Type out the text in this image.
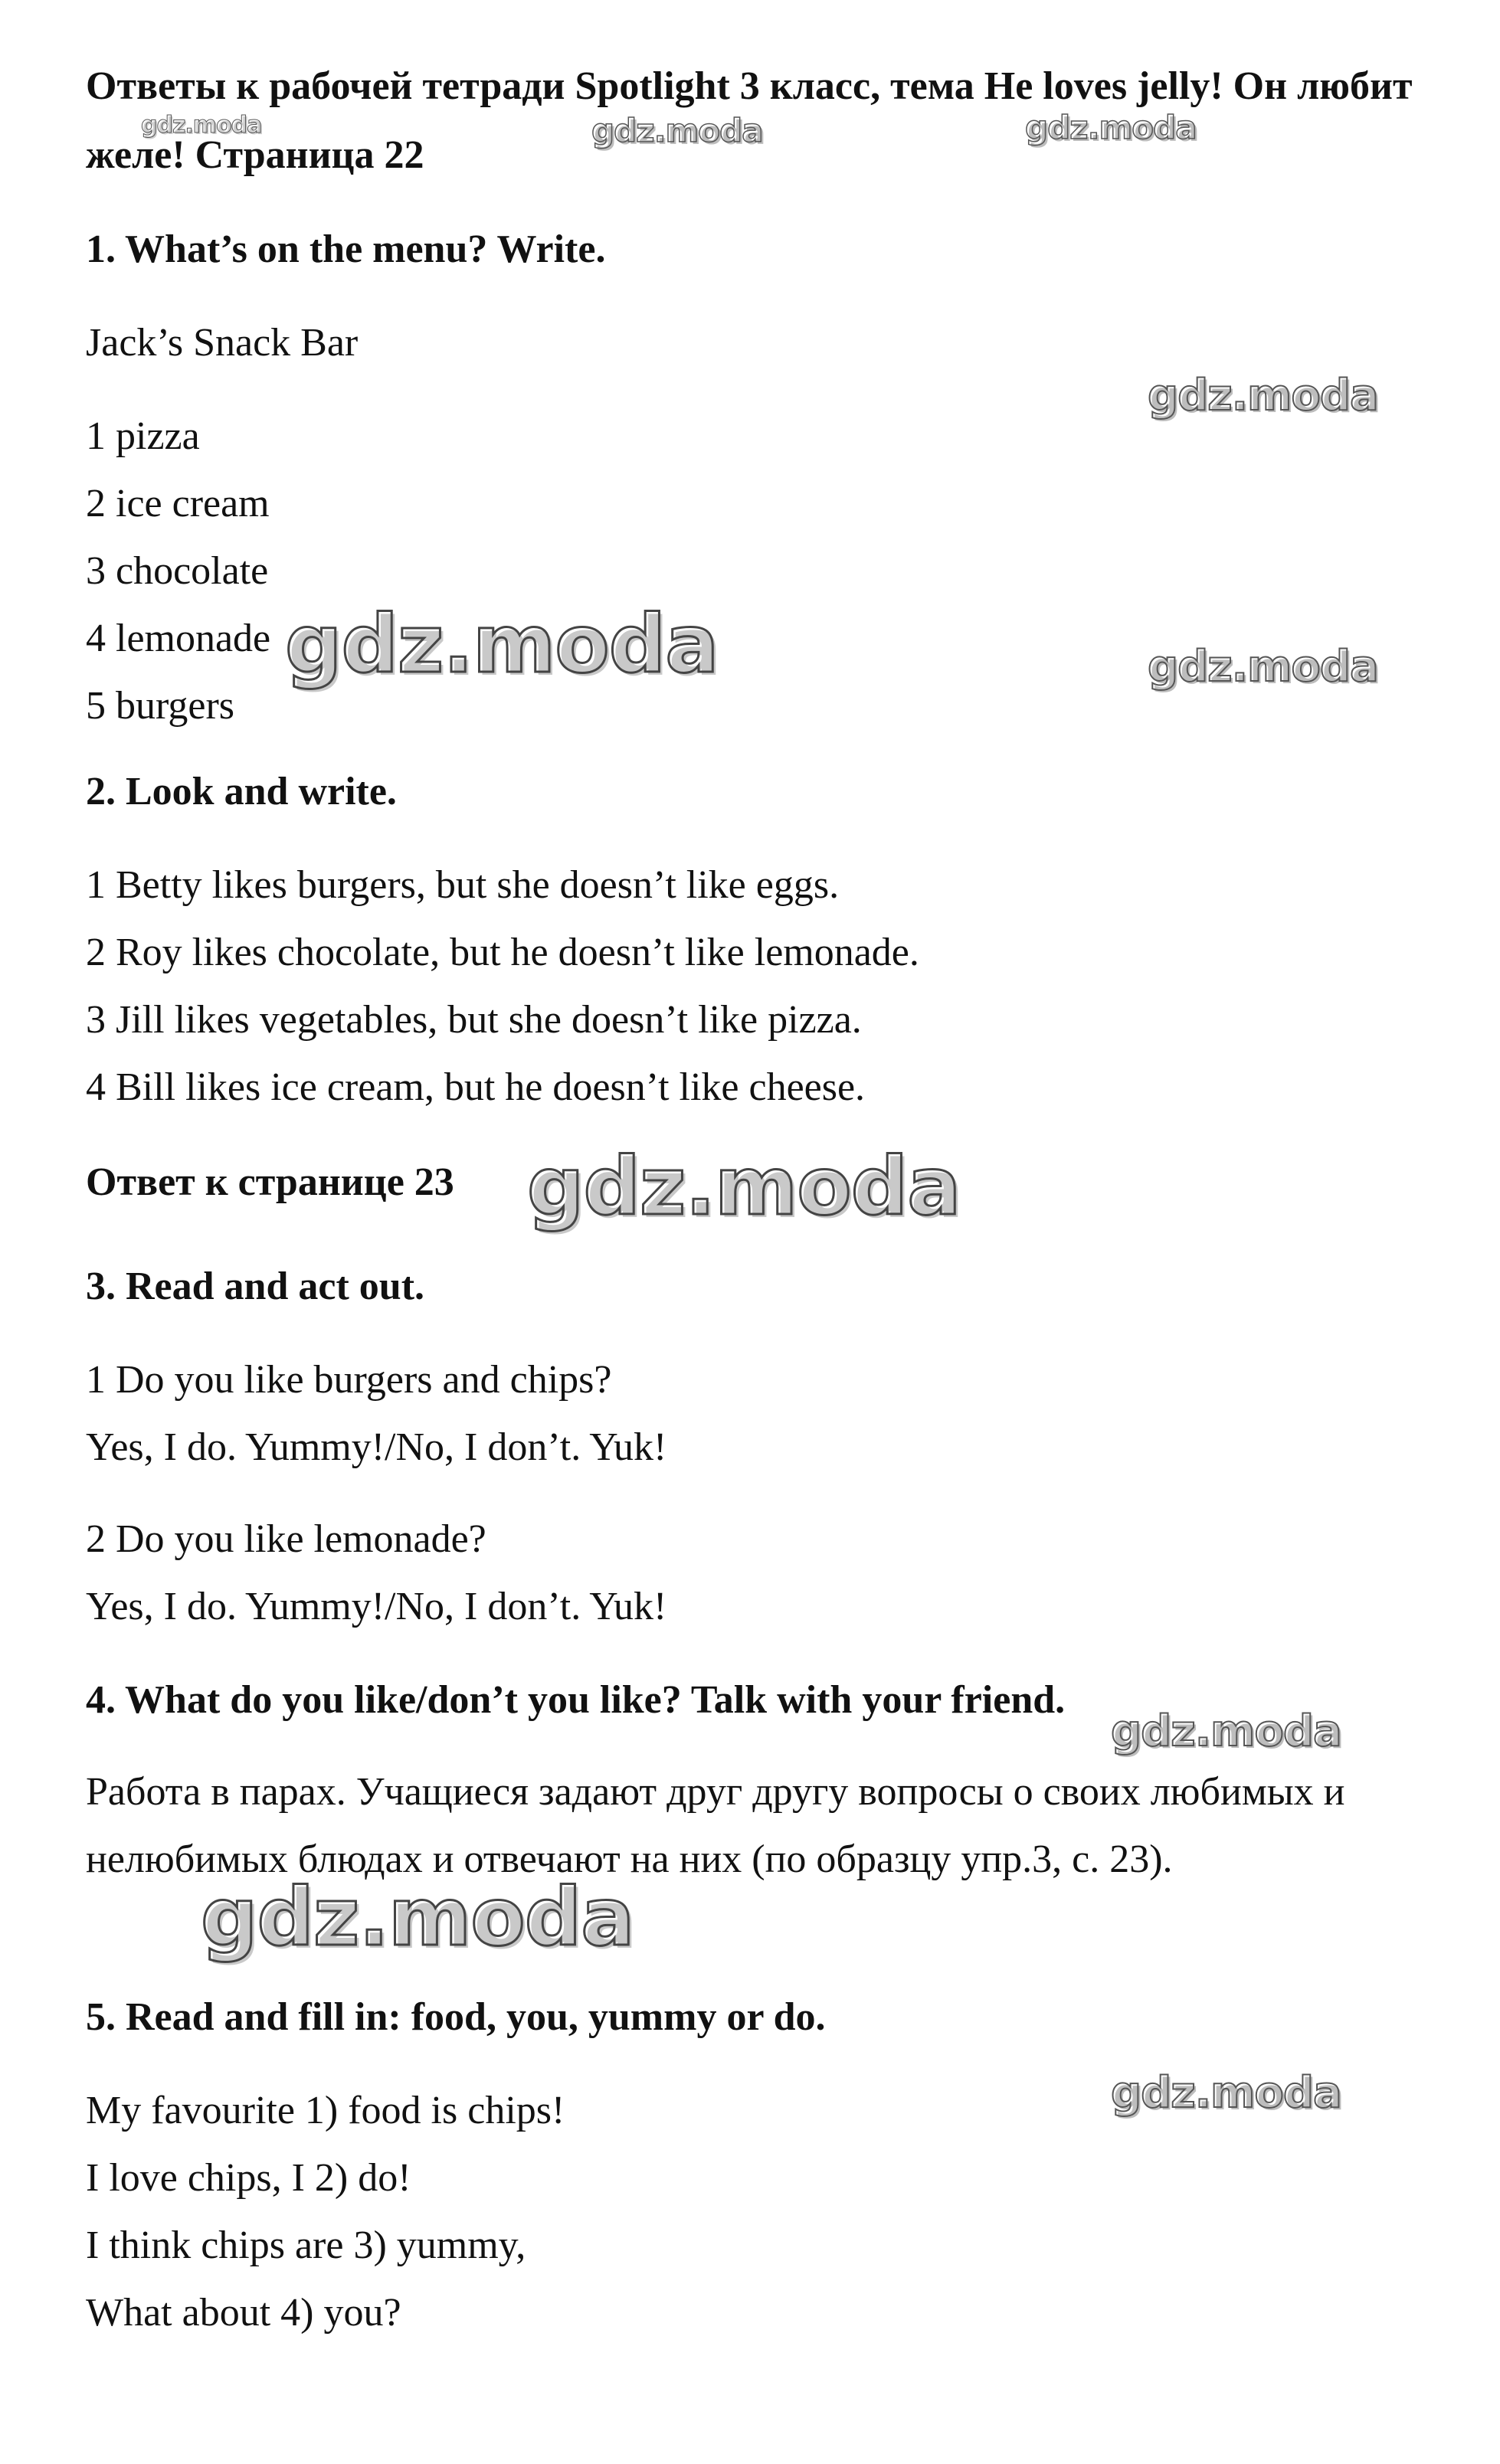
Ответы к рабочей тетради Spotlight 3 класс, тема He loves jelly! Он любит желе! Страница 22
1. What’s on the menu? Write.
Jack’s Snack Bar
1 pizza
2 ice cream
3 chocolate
4 lemonade
5 burgers
2. Look and write.
1 Betty likes burgers, but she doesn’t like eggs.
2 Roy likes chocolate, but he doesn’t like lemonade.
3 Jill likes vegetables, but she doesn’t like pizza.
4 Bill likes ice cream, but he doesn’t like cheese.
Ответ к странице 23
3. Read and act out.
1 Do you like burgers and chips?
Yes, I do. Yummy!/No, I don’t. Yuk!
2 Do you like lemonade?
Yes, I do. Yummy!/No, I don’t. Yuk!
4. What do you like/don’t you like? Talk with your friend.
Работа в парах. Учащиеся задают друг другу вопросы о своих любимых и нелюбимых блюдах и отвечают на них (по образцу упр.3, с. 23).
5. Read and fill in: food, you, yummy or do.
My favourite 1) food is chips!
I love chips, I 2) do!
I think chips are 3) yummy,
What about 4) you?
gdz.moda	gdz.moda	gdz.moda
gdz.moda
gdz.moda	gdz.moda
gdz.moda
gdz.moda
gdz.moda
gdz.moda
